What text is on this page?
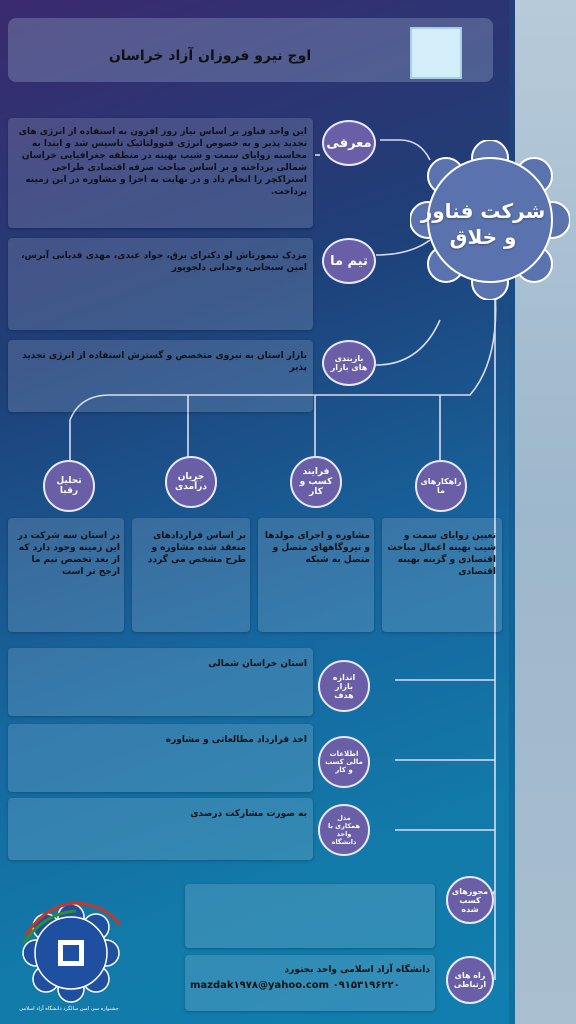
اوج نیرو فروزان آزاد خراسان
شرکت فناور و خلاق
این واحد فناور بر اساس نیاز روز افزون به استفاده از انرژی های تجدید پذیر و به خصوص انرژی فتوولتائیک تاسیس شد و ابتدا به محاسبه زوایای سمت و شیب بهینه در منطقه جغرافیایی خراسان شمالی پرداخته و بر اساس مباحث صرفه اقتصادی طراحی استراکچر را انجام داد و در نهایت به اجرا و مشاوره در این زمینه پرداخت.
معرفی
مزدک تیمورتاش لو دکترای برق، جواد عبدی، مهدی قدیانی آبرس، امین سبحانی، وحدانی دلجو‌پور	تیم ما
بازار استان به نیروی متخصص و گسترش استفاده از انرژی تجدید پذیر
بازبندی های بازار
تحلیل رقبا
جریان درآمدی
فرایند کسب و کار
راهکارهای ما
در استان سه شرکت در این زمینه وجود دارد که از بعد تخصص تیم ما ارجح تر است
بر اساس قراردادهای منعقد شده مشاوره و طرح مشخص می گردد
مشاوره و اجرای مولدها و نیروگاههای متصل و متصل به شبکه
تعیین زوایای سمت و شیب بهینه اعمال مباحث اقتصادی و گزینه بهینه اقتصادی
استان خراسان شمالی
اندازه بازار هدف
اخذ قرارداد مطالعاتی و مشاوره
اطلاعات مالی کسب و کار
به صورت مشارکت درصدی	مدل همکاری با واحد دانشگاه
مجوزهای کسب شده
دانشگاه آزاد اسلامی واحد بجنورد
mazdak۱۹۷۸@yahoo.com ۰۹۱۵۳۱۹۶۲۲۰
راه های ارتباطی
جشنواره سی امین سالگرد دانشگاه آزاد اسلامی
